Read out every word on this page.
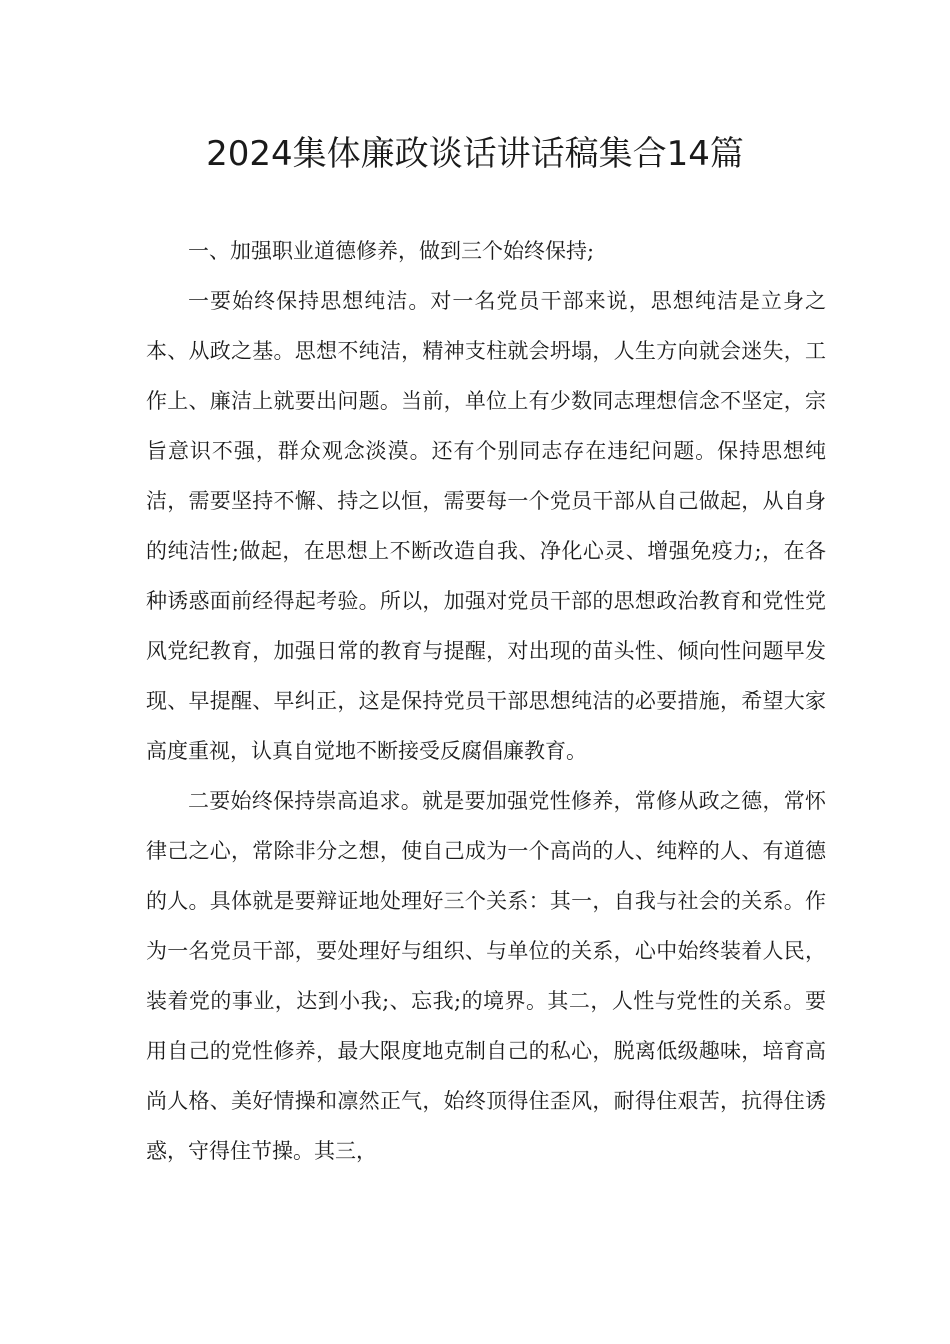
2024集体廉政谈话讲话稿集合14篇

一、加强职业道德修养，做到三个始终保持;

一要始终保持思想纯洁。对一名党员干部来说，思想纯洁是立身之本、从政之基。思想不纯洁，精神支柱就会坍塌，人生方向就会迷失，工作上、廉洁上就要出问题。当前，单位上有少数同志理想信念不坚定，宗旨意识不强，群众观念淡漠。还有个别同志存在违纪问题。保持思想纯洁，需要坚持不懈、持之以恒，需要每一个党员干部从自己做起，从自身的纯洁性;做起，在思想上不断改造自我、净化心灵、增强免疫力;，在各种诱惑面前经得起考验。所以，加强对党员干部的思想政治教育和党性党风党纪教育，加强日常的教育与提醒，对出现的苗头性、倾向性问题早发现、早提醒、早纠正，这是保持党员干部思想纯洁的必要措施，希望大家高度重视，认真自觉地不断接受反腐倡廉教育。

二要始终保持崇高追求。就是要加强党性修养，常修从政之德，常怀律己之心，常除非分之想，使自己成为一个高尚的人、纯粹的人、有道德的人。具体就是要辩证地处理好三个关系：其一，自我与社会的关系。作为一名党员干部，要处理好与组织、与单位的关系，心中始终装着人民，装着党的事业，达到小我;、忘我;的境界。其二，人性与党性的关系。要用自己的党性修养，最大限度地克制自己的私心，脱离低级趣味，培育高尚人格、美好情操和凛然正气，始终顶得住歪风，耐得住艰苦，抗得住诱惑，守得住节操。其三，
